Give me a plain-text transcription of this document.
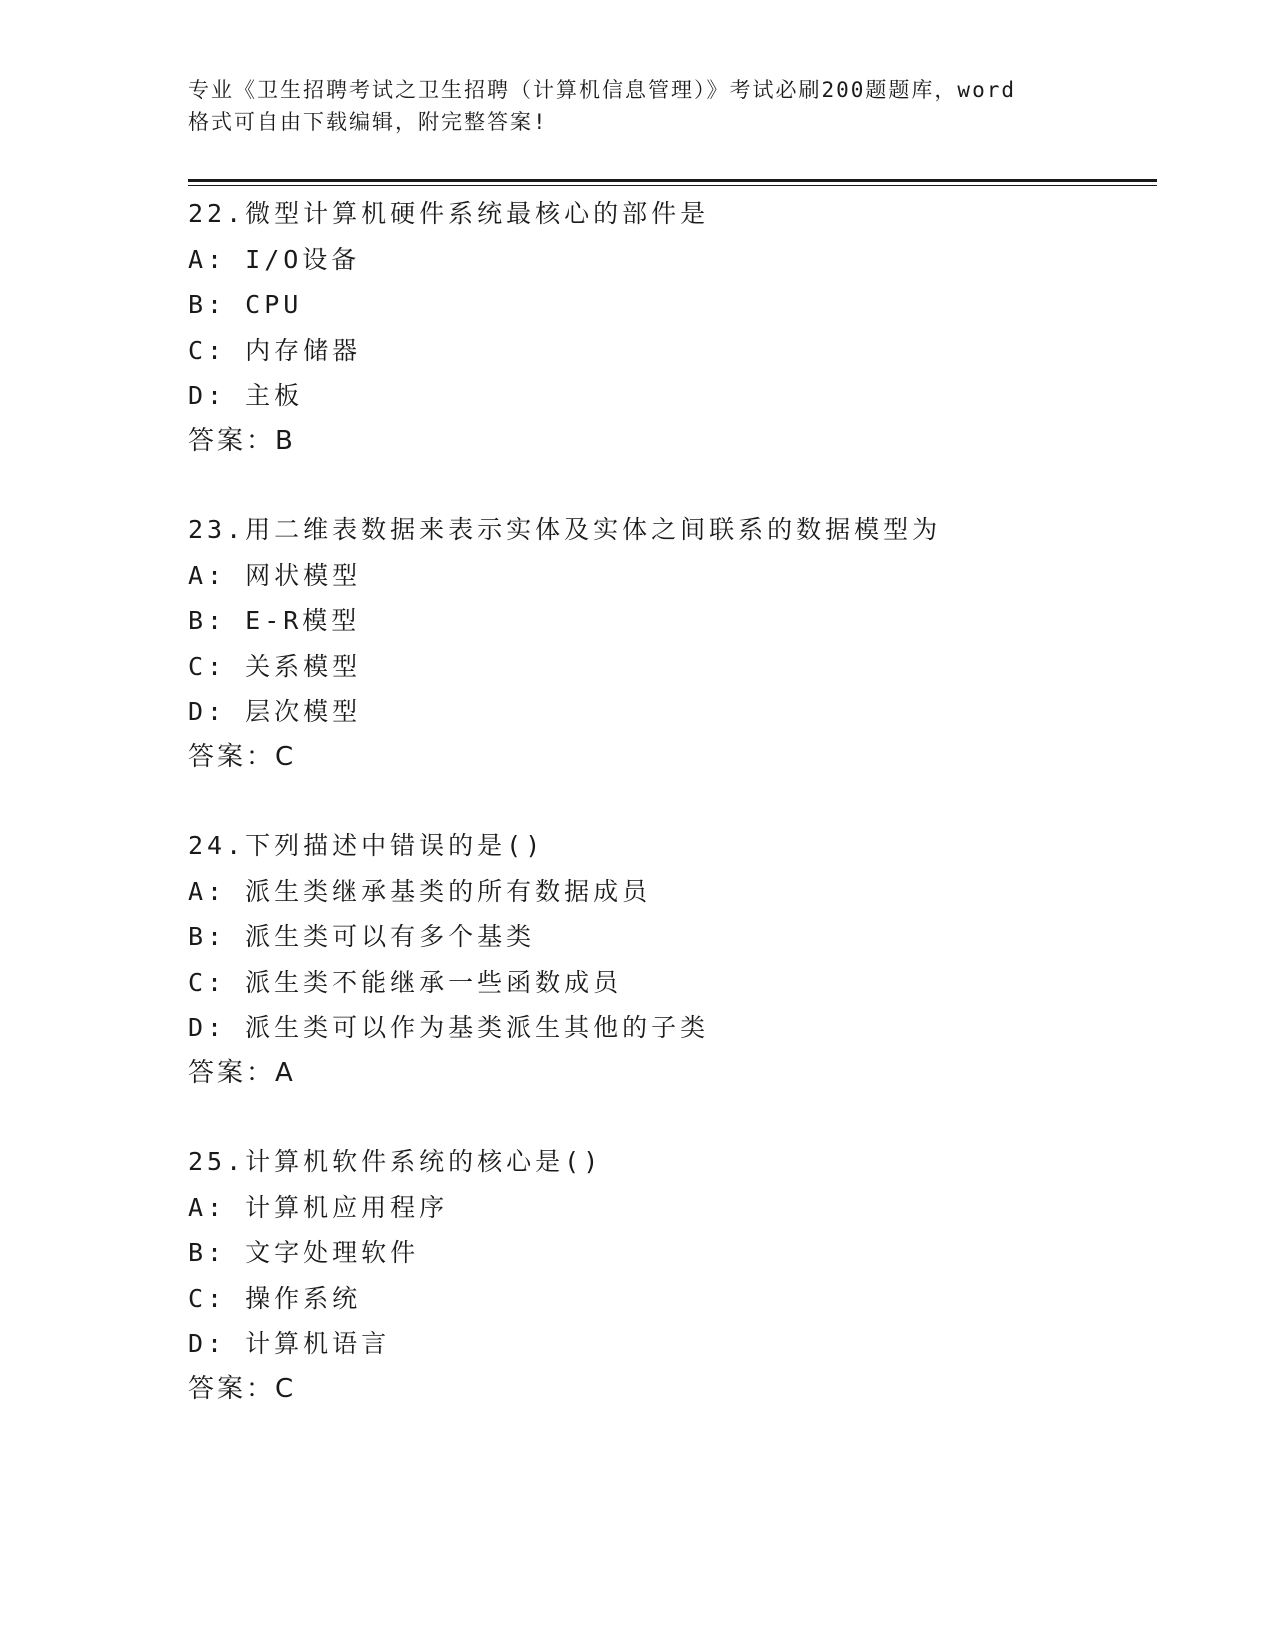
专业《卫生招聘考试之卫生招聘（计算机信息管理）》考试必刷200题题库，word
格式可自由下载编辑，附完整答案!
22.微型计算机硬件系统最核心的部件是
A: I/O设备
B: CPU
C: 内存储器
D: 主板
答案：B
23.用二维表数据来表示实体及实体之间联系的数据模型为
A: 网状模型
B: E-R模型
C: 关系模型
D: 层次模型
答案：C
24.下列描述中错误的是()
A: 派生类继承基类的所有数据成员
B: 派生类可以有多个基类
C: 派生类不能继承一些函数成员
D: 派生类可以作为基类派生其他的子类
答案：A
25.计算机软件系统的核心是()
A: 计算机应用程序
B: 文字处理软件
C: 操作系统
D: 计算机语言
答案：C
